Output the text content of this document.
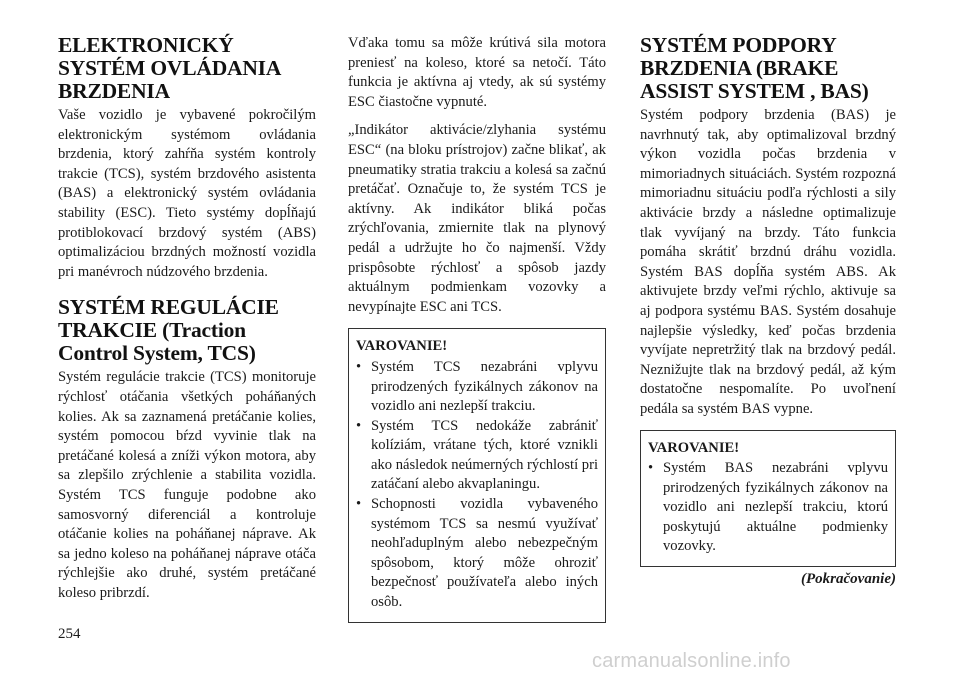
ELEKTRONICKÝ SYSTÉM OVLÁDANIA BRZDENIA

Vaše vozidlo je vybavené pokročilým elektronickým systémom ovládania brzdenia, ktorý zahŕňa systém kontroly trakcie (TCS), systém brzdového asistenta (BAS) a elektronický systém ovládania stability (ESC). Tieto systémy dopĺňajú protiblokovací brzdový systém (ABS) optimalizáciou brzdných možností vozidla pri manévroch núdzového brzdenia.

SYSTÉM REGULÁCIE TRAKCIE (Traction Control System, TCS)

Systém regulácie trakcie (TCS) monitoruje rýchlosť otáčania všetkých poháňaných kolies. Ak sa zaznamená pretáčanie kolies, systém pomocou bŕzd vyvinie tlak na pretáčané kolesá a zníži výkon motora, aby sa zlepšilo zrýchlenie a stabilita vozidla. Systém TCS funguje podobne ako samosvorný diferenciál a kontroluje otáčanie kolies na poháňanej náprave. Ak sa jedno koleso na poháňanej náprave otáča rýchlejšie ako druhé, systém pretáčané koleso pribrzdí.

Vďaka tomu sa môže krútivá sila motora preniesť na koleso, ktoré sa netočí. Táto funkcia je aktívna aj vtedy, ak sú systémy ESC čiastočne vypnuté.

„Indikátor aktivácie/zlyhania systému ESC“ (na bloku prístrojov) začne blikať, ak pneumatiky stratia trakciu a kolesá sa začnú pretáčať. Označuje to, že systém TCS je aktívny. Ak indikátor bliká počas zrýchľovania, zmiernite tlak na plynový pedál a udržujte ho čo najmenší. Vždy prispôsobte rýchlosť a spôsob jazdy aktuálnym podmienkam vozovky a nevypínajte ESC ani TCS.

VAROVANIE!
• Systém TCS nezabráni vplyvu prirodzených fyzikálnych zákonov na vozidlo ani nezlepší trakciu.
• Systém TCS nedokáže zabrániť kolíziám, vrátane tých, ktoré vznikli ako následok neúmerných rýchlostí pri zatáčaní alebo akvaplaningu.
• Schopnosti vozidla vybaveného systémom TCS sa nesmú využívať neohľaduplným alebo nebezpečným spôsobom, ktorý môže ohroziť bezpečnosť používateľa alebo iných osôb.
SYSTÉM PODPORY BRZDENIA (BRAKE ASSIST SYSTEM , BAS)

Systém podpory brzdenia (BAS) je navrhnutý tak, aby optimalizoval brzdný výkon vozidla počas brzdenia v mimoriadnych situáciách. Systém rozpozná mimoriadnu situáciu podľa rýchlosti a sily aktivácie brzdy a následne optimalizuje tlak vyvíjaný na brzdy. Táto funkcia pomáha skrátiť brzdnú dráhu vozidla. Systém BAS dopĺňa systém ABS. Ak aktivujete brzdy veľmi rýchlo, aktivuje sa aj podpora systému BAS. Systém dosahuje najlepšie výsledky, keď počas brzdenia vyvíjate nepretržitý tlak na brzdový pedál. Neznižujte tlak na brzdový pedál, až kým dostatočne nespomalíte. Po uvoľnení pedála sa systém BAS vypne.

VAROVANIE!
• Systém BAS nezabráni vplyvu prirodzených fyzikálnych zákonov na vozidlo ani nezlepší trakciu, ktorú poskytujú aktuálne podmienky vozovky.
(Pokračovanie)
254
carmanualsonline.info
